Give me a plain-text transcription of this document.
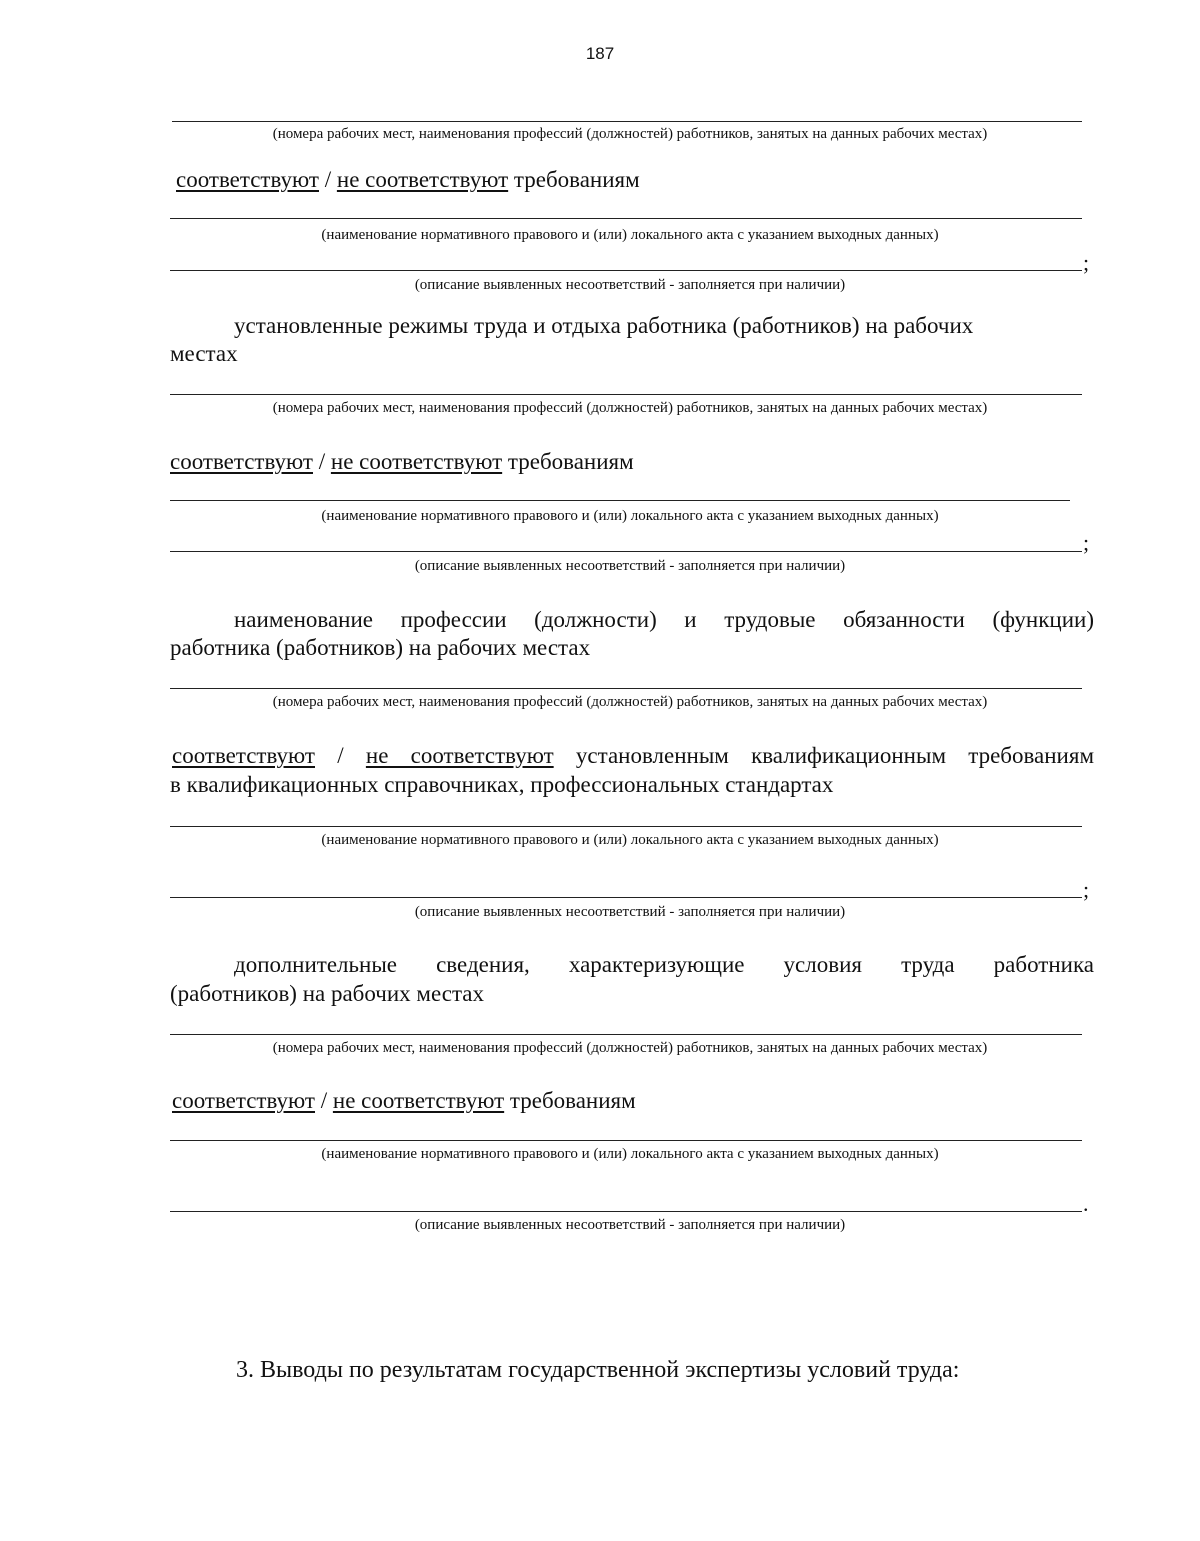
187
(номера рабочих мест, наименования профессий (должностей) работников, занятых на данных рабочих местах)
соответствуют / не соответствуют требованиям
(наименование нормативного правового и (или) локального акта с указанием выходных данных)
;
(описание выявленных несоответствий - заполняется при наличии)
установленные режимы труда и отдыха работника (работников) на рабочих
местах
(номера рабочих мест, наименования профессий (должностей) работников, занятых на данных рабочих местах)
соответствуют / не соответствуют требованиям
(наименование нормативного правового и (или) локального акта с указанием выходных данных)
;
(описание выявленных несоответствий - заполняется при наличии)
наименование профессии (должности) и трудовые обязанности (функции)
работника (работников) на рабочих местах
(номера рабочих мест, наименования профессий (должностей) работников, занятых на данных рабочих местах)
соответствуют / не соответствуют установленным квалификационным требованиям
в квалификационных справочниках, профессиональных стандартах
(наименование нормативного правового и (или) локального акта с указанием выходных данных)
;
(описание выявленных несоответствий - заполняется при наличии)
дополнительные сведения, характеризующие условия труда работника
(работников) на рабочих местах
(номера рабочих мест, наименования профессий (должностей) работников, занятых на данных рабочих местах)
соответствуют / не соответствуют требованиям
(наименование нормативного правового и (или) локального акта с указанием выходных данных)
.
(описание выявленных несоответствий - заполняется при наличии)
3. Выводы по результатам государственной экспертизы условий труда:
